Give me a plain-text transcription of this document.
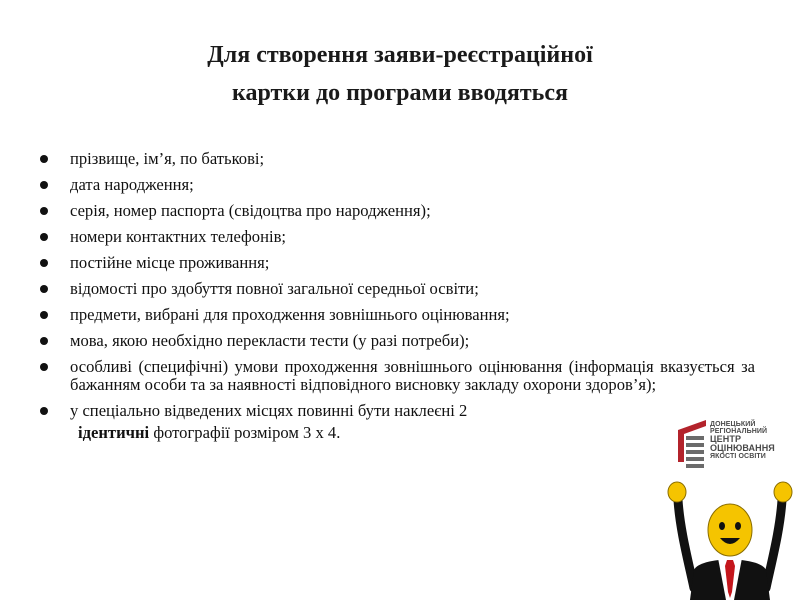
Для створення заяви-реєстраційної
картки до програми вводяться
прізвище, ім’я, по батькові;
дата народження;
серія, номер паспорта (свідоцтва про народження);
номери контактних телефонів;
постійне місце проживання;
відомості про здобуття повної загальної середньої освіти;
предмети, вибрані для проходження зовнішнього оцінювання;
мова, якою необхідно перекласти тести (у разі потреби);
особливі (специфічні) умови проходження зовнішнього оцінювання (інформація вказується за бажанням особи та за наявності відповідного висновку закладу охорони здоров’я);
у спеціально відведених місцях повинні бути наклеєні 2
ідентичні фотографії розміром 3 х 4.	ДОНЕЦЬКИЙ
РЕГІОНАЛЬНИЙ
ЦЕНТР
ОЦІНЮВАННЯ
ЯКОСТІ ОСВІТИ
